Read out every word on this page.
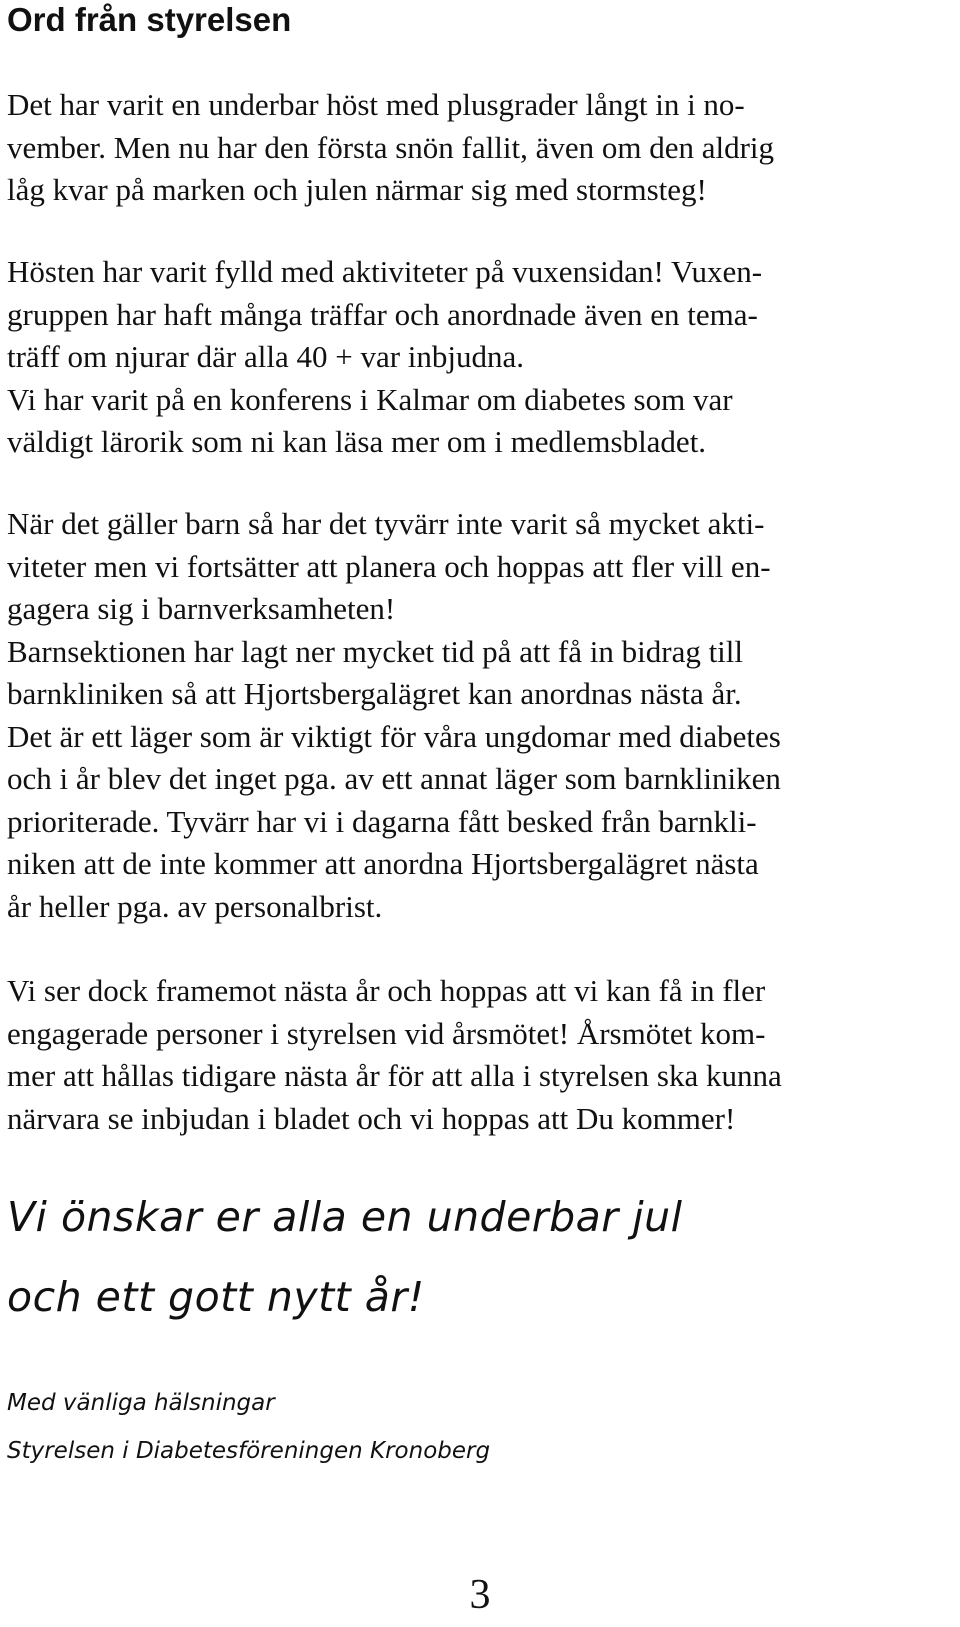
Ord från styrelsen

Det har varit en underbar höst med plusgrader långt in i no-
vember. Men nu har den första snön fallit, även om den aldrig
låg kvar på marken och julen närmar sig med stormsteg!

Hösten har varit fylld med aktiviteter på vuxensidan! Vuxen-
gruppen har haft många träffar och anordnade även en tema-
träff om njurar där alla 40 + var inbjudna.
Vi har varit på en konferens i Kalmar om diabetes som var
väldigt lärorik som ni kan läsa mer om i medlemsbladet.

När det gäller barn så har det tyvärr inte varit så mycket akti-
viteter men vi fortsätter att planera och hoppas att fler vill en-
gagera sig i barnverksamheten!
Barnsektionen har lagt ner mycket tid på att få in bidrag till
barnkliniken så att Hjortsbergalägret kan anordnas nästa år.
Det är ett läger som är viktigt för våra ungdomar med diabetes
och i år blev det inget pga. av ett annat läger som barnkliniken
prioriterade. Tyvärr har vi i dagarna fått besked från barnkli-
niken att de inte kommer att anordna Hjortsbergalägret nästa
år heller pga. av personalbrist.

Vi ser dock framemot nästa år och hoppas att vi kan få in fler
engagerade personer i styrelsen vid årsmötet! Årsmötet kom-
mer att hållas tidigare nästa år för att alla i styrelsen ska kunna
närvara se inbjudan i bladet och vi hoppas att Du kommer!

Vi önskar er alla en underbar jul
och ett gott nytt år!

Med vänliga hälsningar
Styrelsen i Diabetesföreningen Kronoberg

3
